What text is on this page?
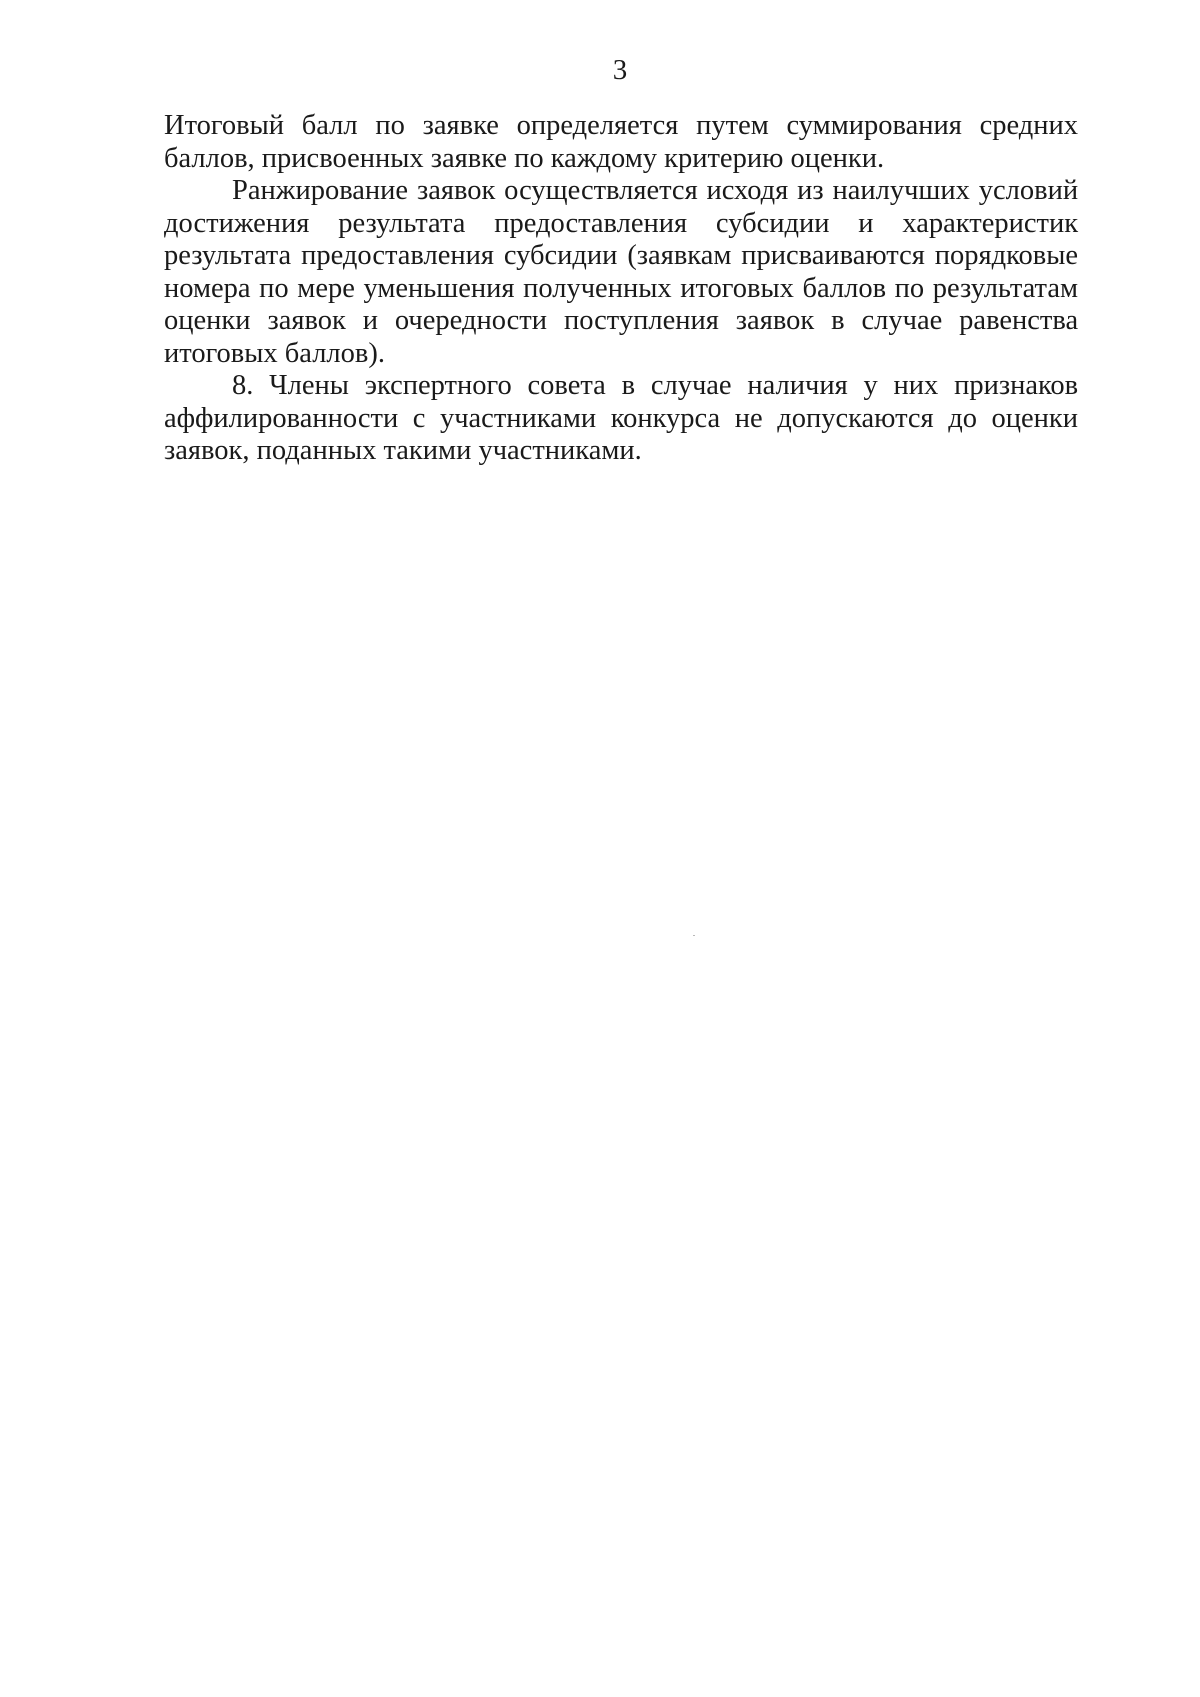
3

Итоговый балл по заявке определяется путем суммирования средних
баллов, присвоенных заявке по каждому критерию оценки.

Ранжирование заявок осуществляется исходя из наилучших условий
достижения результата предоставления субсидии и характеристик
результата предоставления субсидии (заявкам присваиваются порядковые
номера по мере уменьшения полученных итоговых баллов по результатам
оценки заявок и очередности поступления заявок в случае равенства
итоговых баллов).

8. Члены экспертного совета в случае наличия у них признаков
аффилированности с участниками конкурса не допускаются до оценки
заявок, поданных такими участниками.
